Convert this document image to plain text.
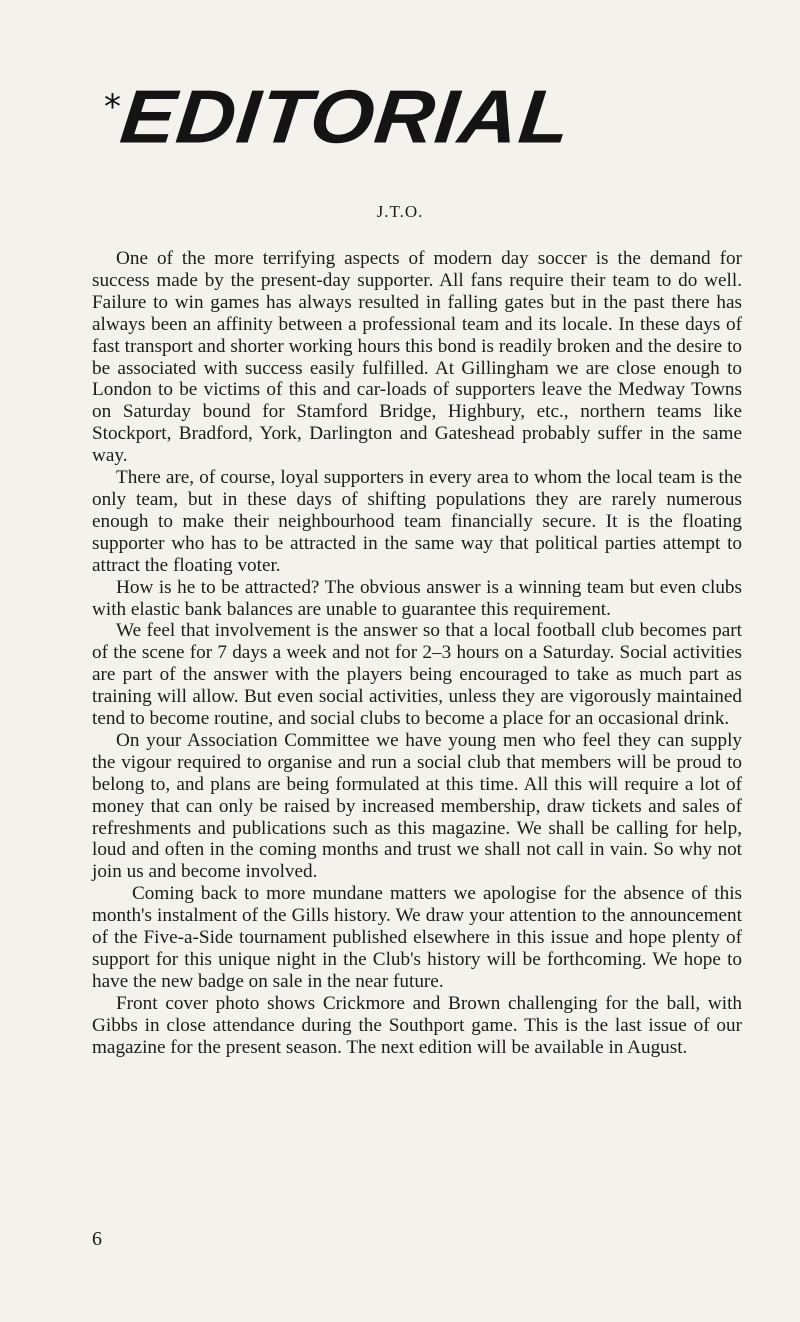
*
EDITORIAL
J.T.O.

One of the more terrifying aspects of modern day soccer is the demand for success made by the present-day supporter. All fans require their team to do well. Failure to win games has always resulted in falling gates but in the past there has always been an affinity between a professional team and its locale. In these days of fast transport and shorter working hours this bond is readily broken and the desire to be associated with success easily fulfilled. At Gillingham we are close enough to London to be victims of this and car-loads of supporters leave the Medway Towns on Saturday bound for Stamford Bridge, Highbury, etc., northern teams like Stockport, Bradford, York, Darlington and Gateshead probably suffer in the same way.

There are, of course, loyal supporters in every area to whom the local team is the only team, but in these days of shifting populations they are rarely numerous enough to make their neighbourhood team financially secure. It is the floating supporter who has to be attracted in the same way that political parties attempt to attract the floating voter.

How is he to be attracted? The obvious answer is a winning team but even clubs with elastic bank balances are unable to guarantee this requirement.

We feel that involvement is the answer so that a local football club becomes part of the scene for 7 days a week and not for 2–3 hours on a Saturday. Social activities are part of the answer with the players being encouraged to take as much part as training will allow. But even social activities, unless they are vigorously maintained tend to become routine, and social clubs to become a place for an occasional drink.

On your Association Committee we have young men who feel they can supply the vigour required to organise and run a social club that members will be proud to belong to, and plans are being formulated at this time. All this will require a lot of money that can only be raised by increased membership, draw tickets and sales of refreshments and publications such as this magazine. We shall be calling for help, loud and often in the coming months and trust we shall not call in vain. So why not join us and become involved.

Coming back to more mundane matters we apologise for the absence of this month's instalment of the Gills history. We draw your attention to the announcement of the Five-a-Side tournament published elsewhere in this issue and hope plenty of support for this unique night in the Club's history will be forthcoming. We hope to have the new badge on sale in the near future.

Front cover photo shows Crickmore and Brown challenging for the ball, with Gibbs in close attendance during the Southport game. This is the last issue of our magazine for the present season. The next edition will be available in August.

6
